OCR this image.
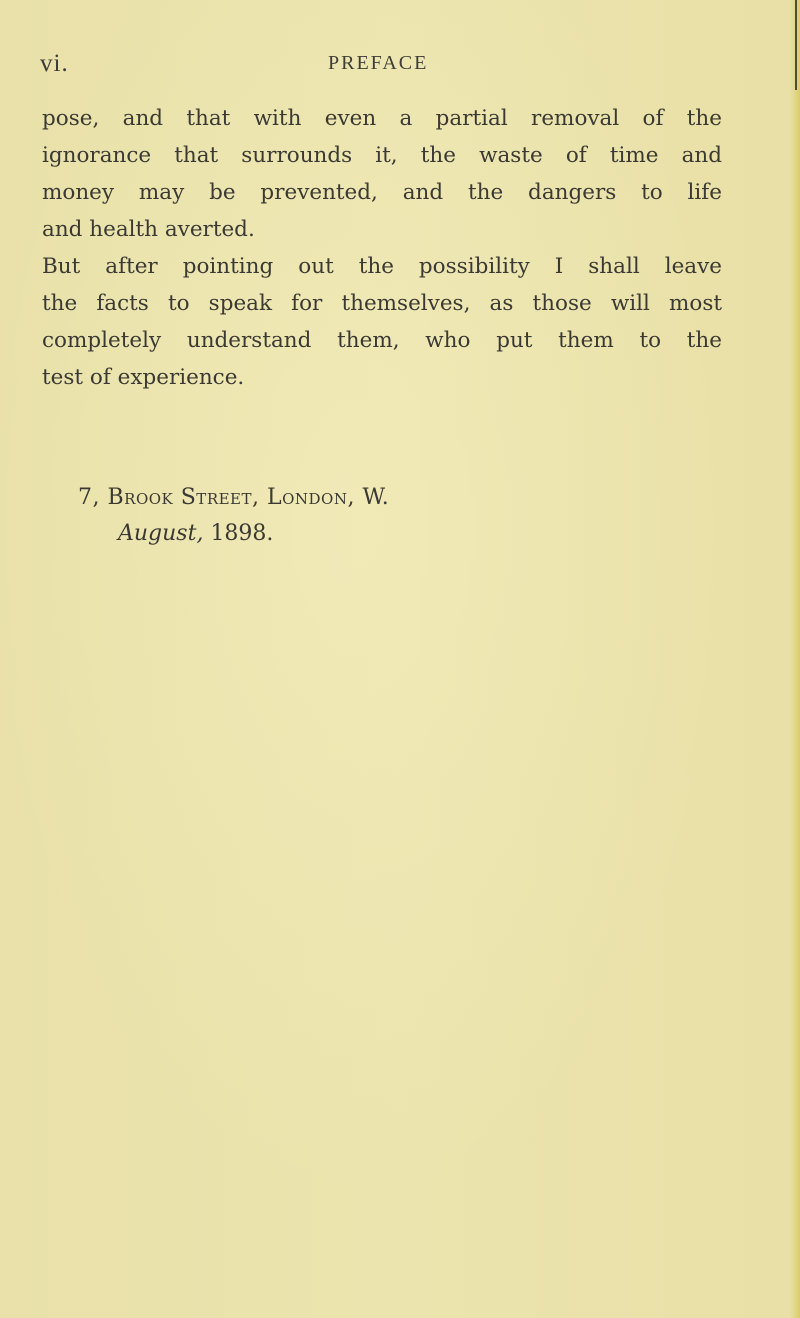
vi.	PREFACE
pose, and that with even a partial removal of the
ignorance that surrounds it, the waste of time and
money may be prevented, and the dangers to life
and health averted.
But after pointing out the possibility I shall leave
the facts to speak for themselves, as those will most
completely understand them, who put them to the
test of experience.
7, Brook Street, London, W.
August, 1898.
